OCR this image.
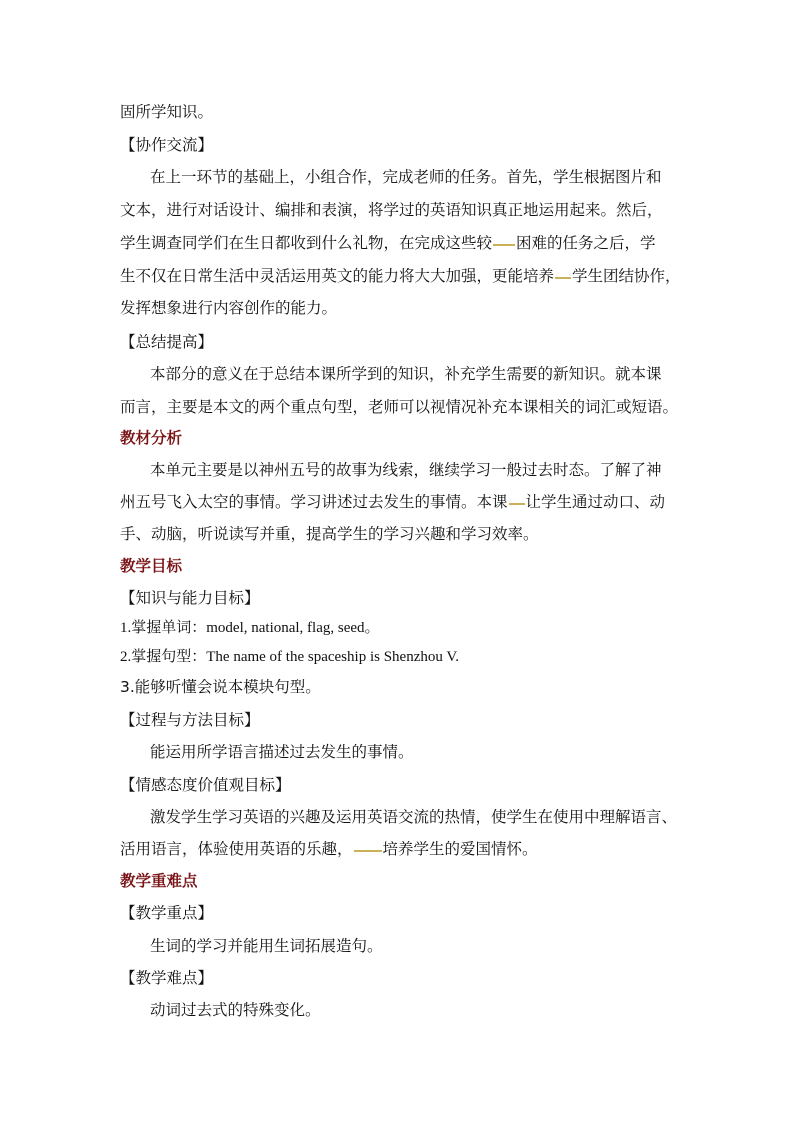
固所学知识。
【协作交流】
在上一环节的基础上，小组合作，完成老师的任务。首先，学生根据图片和
文本，进行对话设计、编排和表演，将学过的英语知识真正地运用起来。然后，
学生调查同学们在生日都收到什么礼物，在完成这些较 困难的任务之后，学
生不仅在日常生活中灵活运用英文的能力将大大加强，更能培养 学生团结协作，
发挥想象进行内容创作的能力。
【总结提高】
本部分的意义在于总结本课所学到的知识，补充学生需要的新知识。就本课
而言，主要是本文的两个重点句型，老师可以视情况补充本课相关的词汇或短语。
教材分析
本单元主要是以神州五号的故事为线索，继续学习一般过去时态。了解了神
州五号飞入太空的事情。学习讲述过去发生的事情。本课 让学生通过动口、动
手、动脑，听说读写并重，提高学生的学习兴趣和学习效率。
教学目标
【知识与能力目标】
1.掌握单词：model, national, flag, seed。
2.掌握句型：The name of the spaceship is Shenzhou V.
3.能够听懂会说本模块句型。
【过程与方法目标】
能运用所学语言描述过去发生的事情。
【情感态度价值观目标】
激发学生学习英语的兴趣及运用英语交流的热情，使学生在使用中理解语言、
活用语言，体验使用英语的乐趣， 培养学生的爱国情怀。
教学重难点
【教学重点】
生词的学习并能用生词拓展造句。
【教学难点】
动词过去式的特殊变化。
